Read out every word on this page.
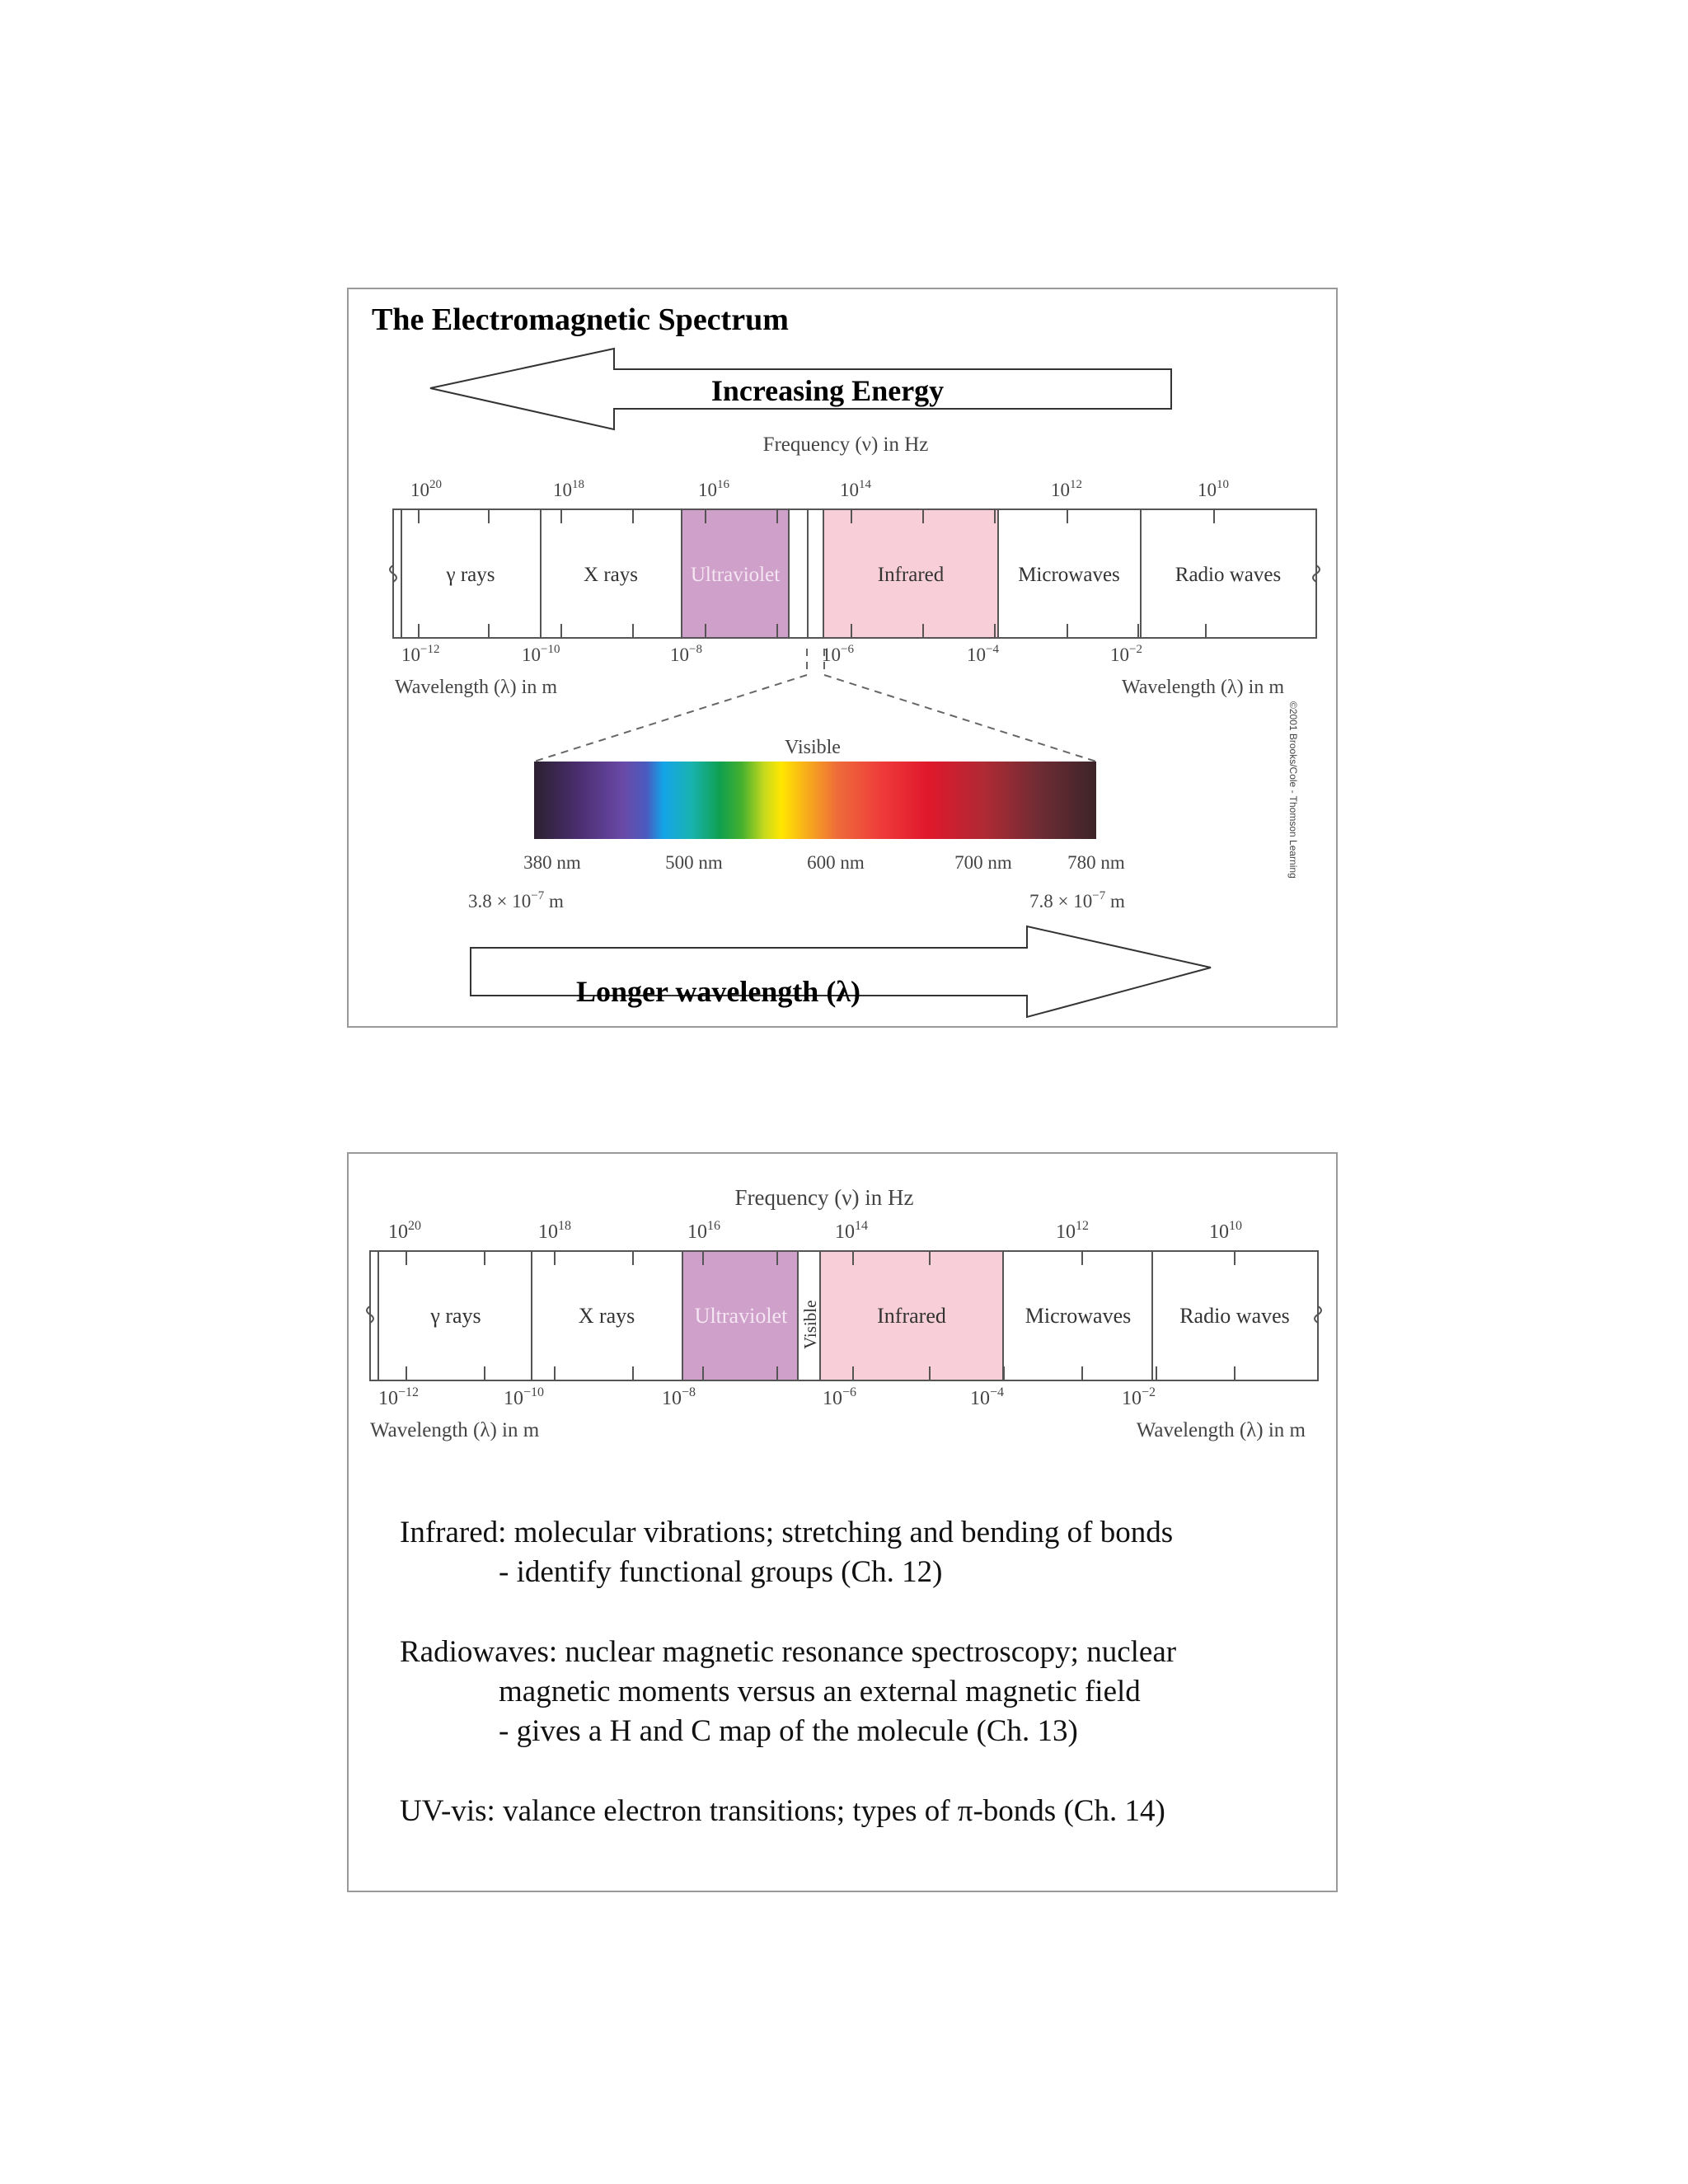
The Electromagnetic Spectrum
Increasing Energy
Frequency (ν) in Hz
$10^{20}$	$10^{18}$	$10^{16}$	$10^{14}$	$10^{12}$	$10^{10}$
γ rays	X rays	Ultraviolet	Infrared	Microwaves	Radio waves
$10^{-12}$	$10^{-10}$	$10^{-8}$	$10^{-6}$	$10^{-4}$	$10^{-2}$
Wavelength (λ) in m	Wavelength (λ) in m
©2001 Brooks/Cole - Thomson Learning
Visible
380 nm	500 nm	600 nm	700 nm	780 nm
$3.8 \times 10^{-7}$ m	$7.8 \times 10^{-7}$ m
Longer wavelength (λ)
Frequency (ν) in Hz
$10^{20}$	$10^{18}$	$10^{16}$	$10^{14}$	$10^{12}$	$10^{10}$
γ rays	X rays	Ultraviolet	Infrared	Microwaves Radio waves
Visible
$10^{-12}$	$10^{-10}$	$10^{-8}$	$10^{-6}$	$10^{-4}$	$10^{-2}$
Wavelength (λ) in m	Wavelength (λ) in m
Infrared: molecular vibrations; stretching and bending of bonds
- identify functional groups (Ch. 12)
Radiowaves: nuclear magnetic resonance spectroscopy; nuclear
magnetic moments versus an external magnetic field
- gives a H and C map of the molecule (Ch. 13)
UV-vis: valance electron transitions; types of π-bonds (Ch. 14)
